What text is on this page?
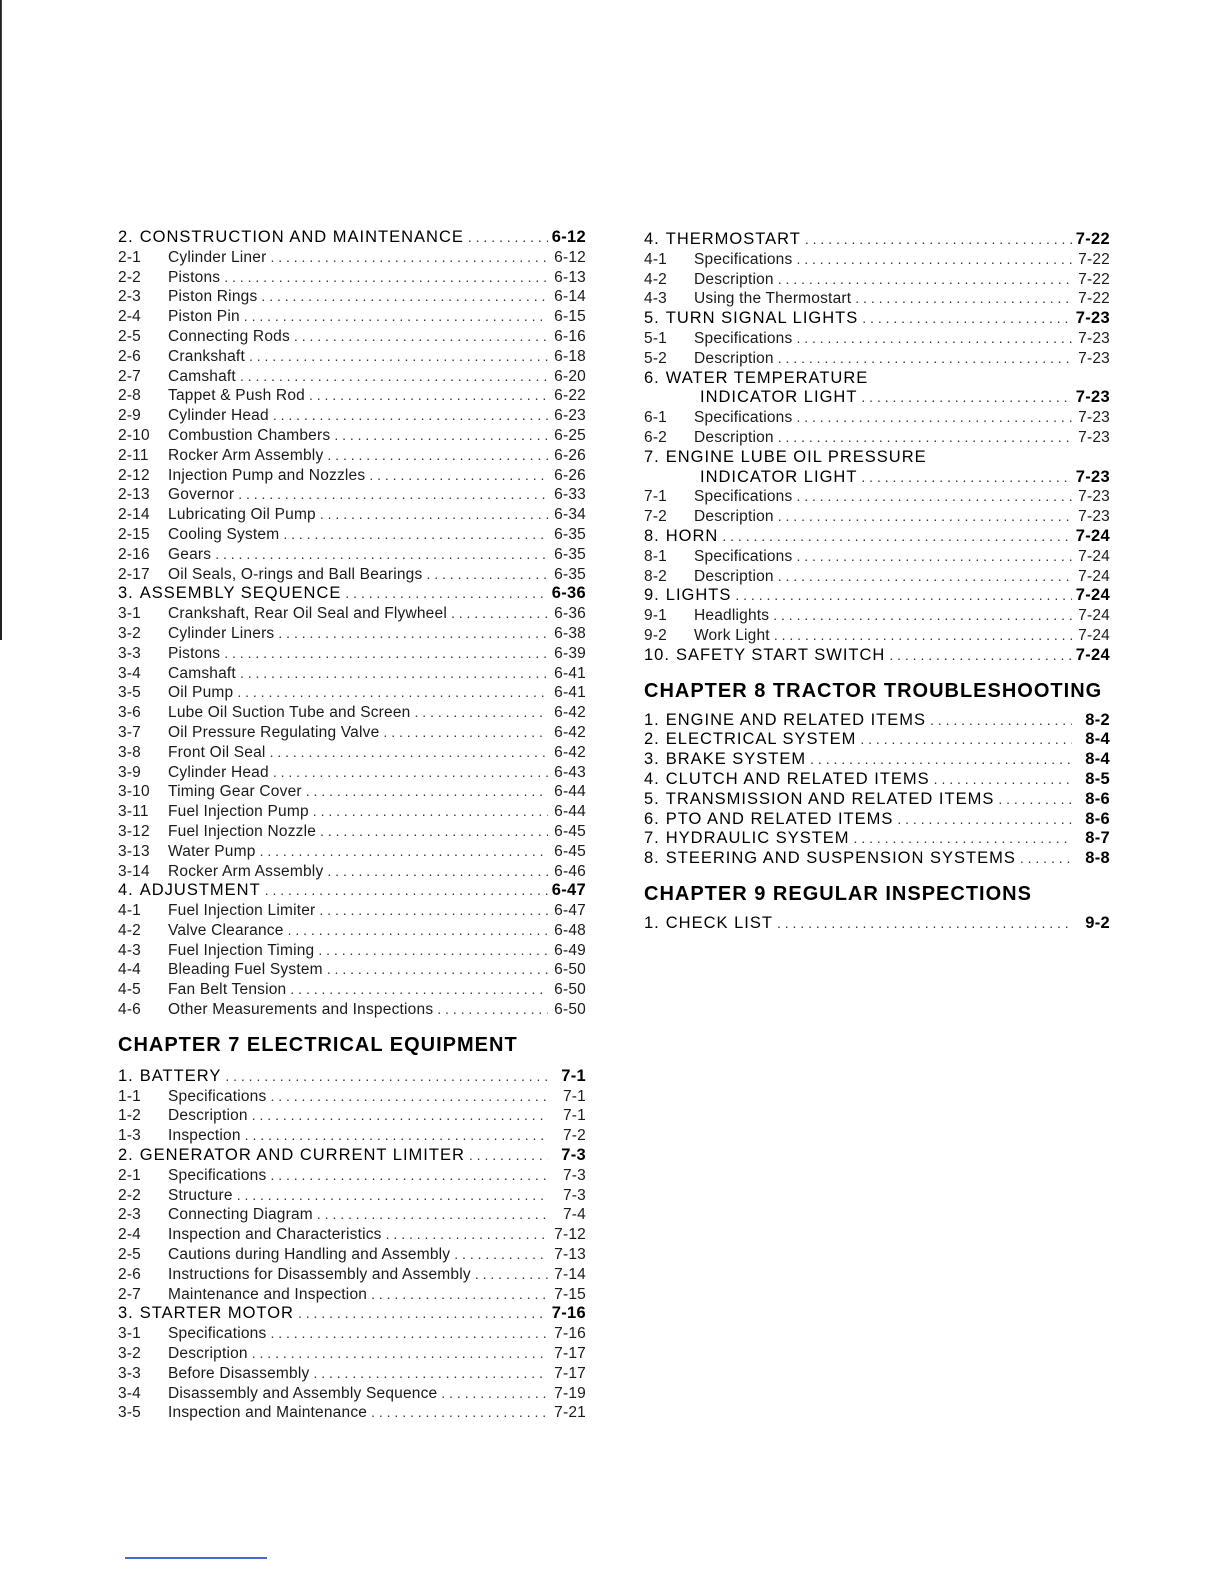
2. CONSTRUCTION AND MAINTENANCE . . .	6-12
2-1	Cylinder Liner . . .	6-12
2-2	Pistons . . .	6-13
2-3	Piston Rings . . .	6-14
2-4	Piston Pin . . .	6-15
2-5	Connecting Rods . . .	6-16
2-6	Crankshaft . . .	6-18
2-7	Camshaft . . .	6-20
2-8	Tappet & Push Rod . . .	6-22
2-9	Cylinder Head . . .	6-23
2-10	Combustion Chambers . . .	6-25
2-11	Rocker Arm Assembly . . .	6-26
2-12	Injection Pump and Nozzles . . .	6-26
2-13	Governor . . .	6-33
2-14	Lubricating Oil Pump . . .	6-34
2-15	Cooling System . . .	6-35
2-16	Gears . . .	6-35
2-17	Oil Seals, O-rings and Ball Bearings . . .	6-35
3. ASSEMBLY SEQUENCE . . .	6-36
3-1	Crankshaft, Rear Oil Seal and Flywheel . . .	6-36
3-2	Cylinder Liners . . .	6-38
3-3	Pistons . . .	6-39
3-4	Camshaft . . .	6-41
3-5	Oil Pump . . .	6-41
3-6	Lube Oil Suction Tube and Screen . . .	6-42
3-7	Oil Pressure Regulating Valve . . .	6-42
3-8	Front Oil Seal . . .	6-42
3-9	Cylinder Head . . .	6-43
3-10	Timing Gear Cover . . .	6-44
3-11	Fuel Injection Pump . . .	6-44
3-12	Fuel Injection Nozzle . . .	6-45
3-13	Water Pump . . .	6-45
3-14	Rocker Arm Assembly . . .	6-46
4. ADJUSTMENT . . .	6-47
4-1	Fuel Injection Limiter . . .	6-47
4-2	Valve Clearance . . .	6-48
4-3	Fuel Injection Timing . . .	6-49
4-4	Bleading Fuel System . . .	6-50
4-5	Fan Belt Tension . . .	6-50
4-6	Other Measurements and Inspections . . .	6-50
CHAPTER 7 ELECTRICAL EQUIPMENT
1. BATTERY . . .	7-1
1-1	Specifications . . .	7-1
1-2	Description . . .	7-1
1-3	Inspection . . .	7-2
2. GENERATOR AND CURRENT LIMITER . . .	7-3
2-1	Specifications . . .	7-3
2-2	Structure . . .	7-3
2-3	Connecting Diagram . . .	7-4
2-4	Inspection and Characteristics . . .	7-12
2-5	Cautions during Handling and Assembly . . .	7-13
2-6	Instructions for Disassembly and Assembly . . .	7-14
2-7	Maintenance and Inspection . . .	7-15
3. STARTER MOTOR . . .	7-16
3-1	Specifications . . .	7-16
3-2	Description . . .	7-17
3-3	Before Disassembly . . .	7-17
3-4	Disassembly and Assembly Sequence . . .	7-19
3-5	Inspection and Maintenance . . .	7-21
4. THERMOSTART . . .	7-22
4-1	Specifications . . .	7-22
4-2	Description . . .	7-22
4-3	Using the Thermostart . . .	7-22
5. TURN SIGNAL LIGHTS . . .	7-23
5-1	Specifications . . .	7-23
5-2	Description . . .	7-23
6. WATER TEMPERATURE
INDICATOR LIGHT . . .	7-23
6-1	Specifications . . .	7-23
6-2	Description . . .	7-23
7. ENGINE LUBE OIL PRESSURE
INDICATOR LIGHT . . .	7-23
7-1	Specifications . . .	7-23
7-2	Description . . .	7-23
8. HORN . . .	7-24
8-1	Specifications . . .	7-24
8-2	Description . . .	7-24
9. LIGHTS . . .	7-24
9-1	Headlights . . .	7-24
9-2	Work Light . . .	7-24
10. SAFETY START SWITCH . . .	7-24
CHAPTER 8 TRACTOR TROUBLESHOOTING
1. ENGINE AND RELATED ITEMS . . .	8-2
2. ELECTRICAL SYSTEM . . .	8-4
3. BRAKE SYSTEM . . .	8-4
4. CLUTCH AND RELATED ITEMS . . .	8-5
5. TRANSMISSION AND RELATED ITEMS . . .	8-6
6. PTO AND RELATED ITEMS . . .	8-6
7. HYDRAULIC SYSTEM . . .	8-7
8. STEERING AND SUSPENSION SYSTEMS . . .	8-8
CHAPTER 9 REGULAR INSPECTIONS
1. CHECK LIST . . .	9-2
